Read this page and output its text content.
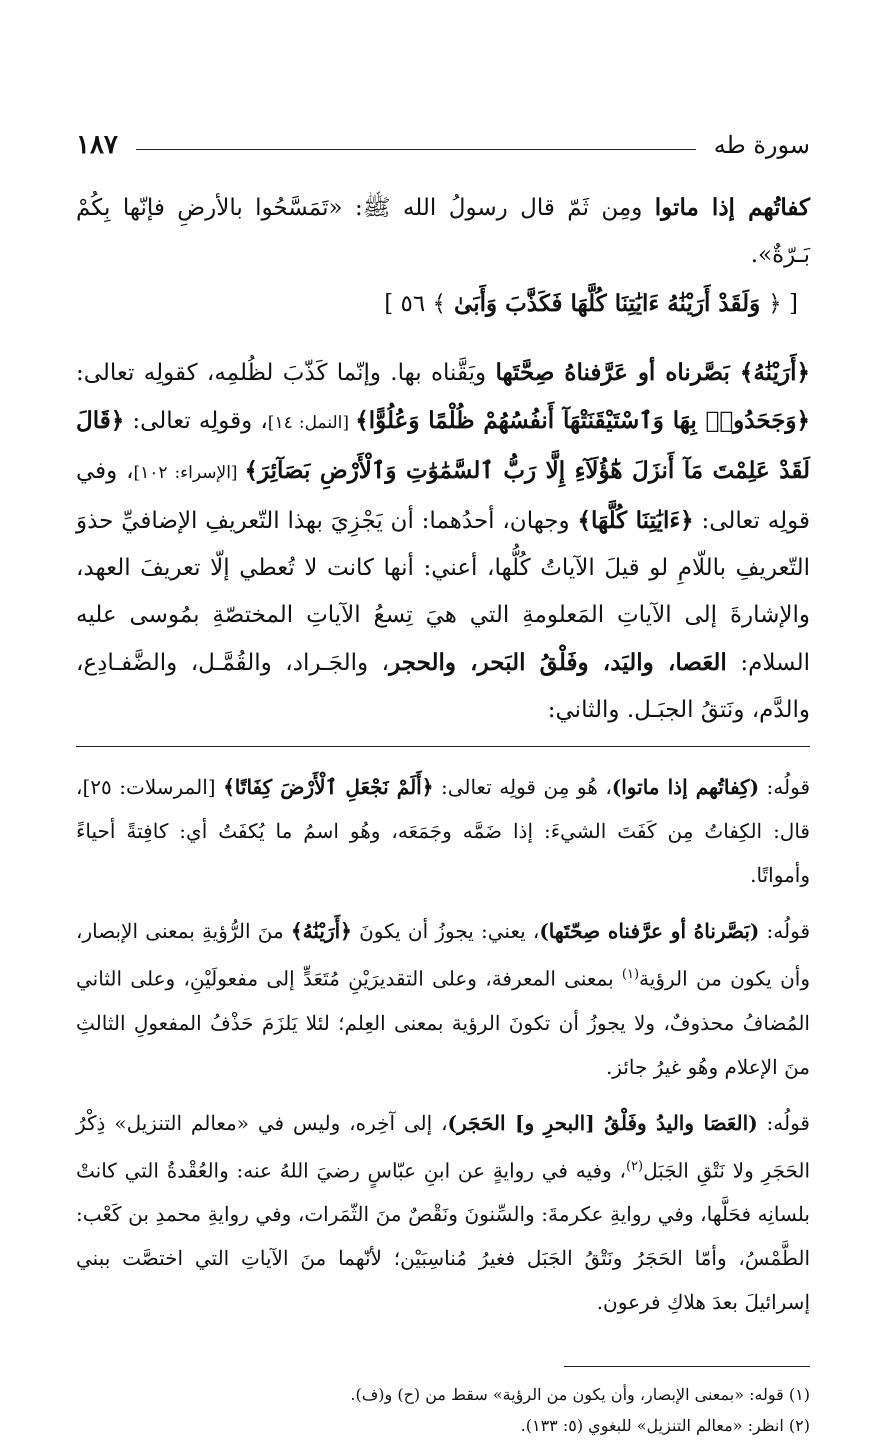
سورة طه
١٨٧

كفاتُهم إذا ماتوا ومِن ثَمّ قال رسولُ الله ﷺ: «تَمَسَّحُوا بالأرضِ فإنّها بِكُمْ بَـرّةٌ».

[ ﴿ وَلَقَدْ أَرَيْنَٰهُ ءَايَٰتِنَا كُلَّهَا فَكَذَّبَ وَأَبَىٰ ﴾ ٥٦ ]

﴿أَرَيْنَٰهُ﴾ بَصَّرناه أو عَرَّفناهُ صِحَّتَها ويَقَّناه بها. وإنّما كَذّبَ لظُلمِه، كقولِه تعالى: ﴿وَجَحَدُوا۟ بِهَا وَٱسْتَيْقَنَتْهَآ أَنفُسُهُمْ ظُلْمًا وَعُلُوًّا﴾ [النمل: ١٤]، وقولِه تعالى: ﴿قَالَ لَقَدْ عَلِمْتَ مَآ أَنزَلَ هَٰٓؤُلَآءِ إِلَّا رَبُّ ٱلسَّمَٰوَٰتِ وَٱلْأَرْضِ بَصَآئِرَ﴾ [الإسراء: ١٠٢]، وفي قولِه تعالى: ﴿ءَايَٰتِنَا كُلَّهَا﴾ وجهان، أحدُهما: أن يَجْزِيَ بهذا التّعريفِ الإضافيِّ حذوَ التّعريفِ باللّامِ لو قيلَ الآياتُ كُلُّها، أعني: أنها كانت لا تُعطي إلّا تعريفَ العهد، والإشارةَ إلى الآياتِ المَعلومةِ التي هيَ تِسعُ الآياتِ المختصّةِ بمُوسى عليه السلام: العَصا، واليَد، وفَلْقُ البَحر، والحجر، والجَـراد، والقُمَّـل، والضَّفـادِع، والدَّم، ونَتقُ الجبَـل. والثاني:

قولُه: (كِفاتُهم إذا ماتوا)، هُو مِن قولِه تعالى: ﴿أَلَمْ نَجْعَلِ ٱلْأَرْضَ كِفَاتًا﴾ [المرسلات: ٢٥]، قال: الكِفاتُ مِن كَفَتَ الشيءَ: إذا ضَمَّه وجَمَعَه، وهُو اسمُ ما يُكفَتُ أي: كافِتةً أحياءً وأمواتًا.

قولُه: (بَصَّرناهُ أو عرَّفناه صِحّتَها)، يعني: يجوزُ أن يكونَ ﴿أَرَيْنَٰهُ﴾ منَ الرُّؤيةِ بمعنى الإبصار، وأن يكون من الرؤية$^{(١)}$ بمعنى المعرفة، وعلى التقديرَيْنِ مُتَعَدٍّ إلى مفعولَيْنِ، وعلى الثاني المُضافُ محذوفٌ، ولا يجوزُ أن تكونَ الرؤية بمعنى العِلم؛ لئلا يَلزَمَ حَذْفُ المفعولِ الثالثِ منَ الإعلام وهُو غيرُ جائز.

قولُه: (العَصَا واليدُ وفَلْقُ [البحرِ و] الحَجَر)، إلى آخِره، وليس في «معالم التنزيل» ذِكْرُ الحَجَرِ ولا نَتْقِ الجَبَل$^{(٢)}$، وفيه في روايةٍ عن ابنِ عبّاسٍ رضيَ اللهُ عنه: والعُقْدةُ التي كانتْ بلسانِه فحَلَّها، وفي روايةِ عكرمةَ: والسِّنونَ ونَقْصٌ منَ الثّمَرات، وفي روايةِ محمدِ بن كَعْب: الطَّمْسُ، وأمّا الحَجَرُ ونَتْقُ الجَبَل فغيرُ مُناسِبَيْن؛ لأنّهما منَ الآياتِ التي اختصَّت ببني إسرائيلَ بعدَ هلاكِ فرعون.

(١) قوله: «بمعنى الإبصار، وأن يكون من الرؤية» سقط من (ح) و(ف).

(٢) انظر: «معالم التنزيل» للبغوي (٥: ١٣٣).
